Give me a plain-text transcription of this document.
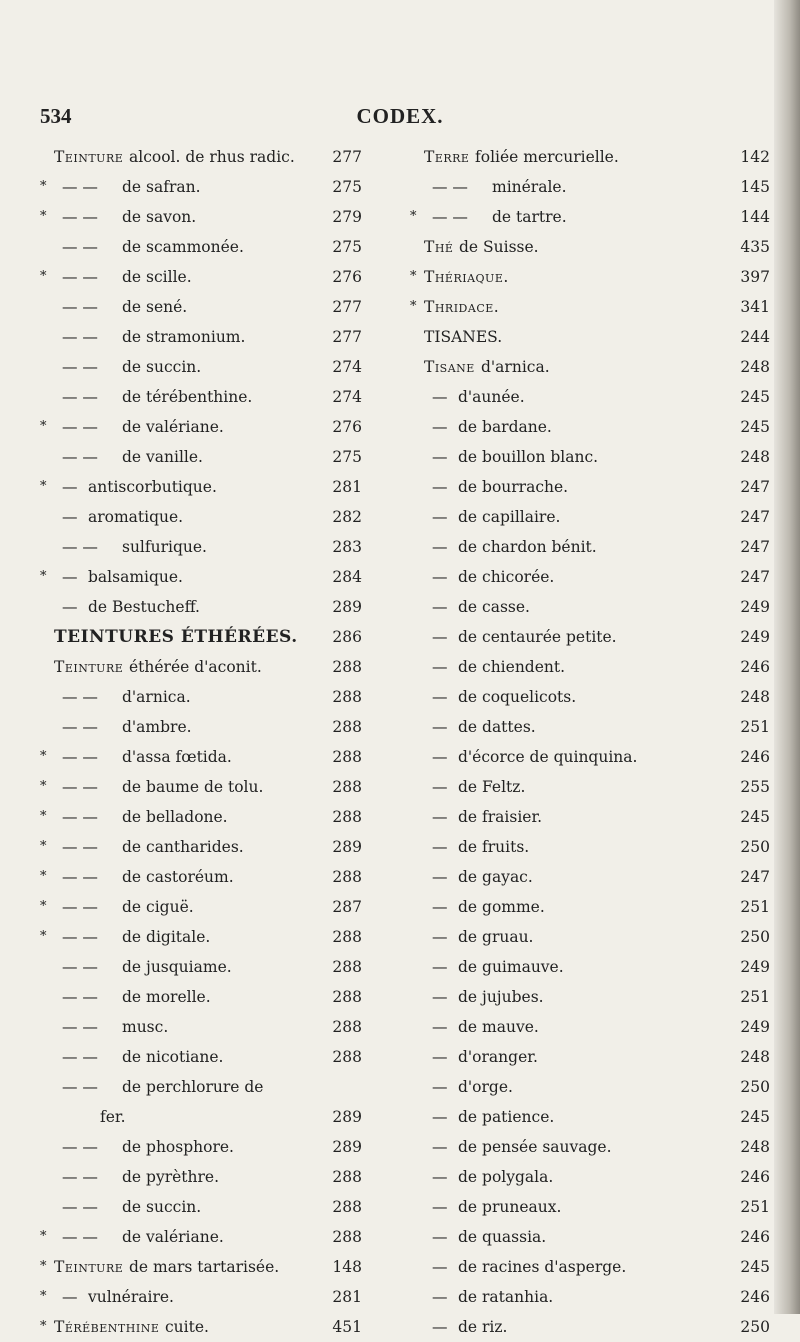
534	CODEX.
Teinture alcool. de rhus radic. 277
*	— — de safran.	275
*	— — de savon.	279
— — de scammonée.	275
*	— — de scille.	276
— — de sené.	277
— — de stramonium.	277
— — de succin.	274
— — de térébenthine.	274
*	— — de valériane.	276
— — de vanille.	275
*	— antiscorbutique.	281
— aromatique.	282
— — sulfurique.	283
*	— balsamique.	284
— de Bestucheff.	289
TEINTURES ÉTHÉRÉES. 286
Teinture éthérée d'aconit.	288
— — d'arnica.	288
— — d'ambre.	288
*	— — d'assa fœtida.	288
*	— — de baume de tolu.	288
*	— — de belladone.	288
*	— — de cantharides.	289
*	— — de castoréum.	288
*	— — de ciguë.	287
*	— — de digitale.	288
— — de jusquiame.	288
— — de morelle.	288
— — musc.	288
— — de nicotiane.	288
— — de perchlorure de
fer.	289
— — de phosphore.	289
— — de pyrèthre.	288
— — de succin.	288
*	— — de valériane.	288
* Teinture de mars tartarisée.	148
*	— vulnéraire.	281
* Térébenthine cuite.	451
Terre foliée mercurielle.	142
— — minérale.	145
*	— — de tartre.	144
Thé de Suisse.	435
* Thériaque.	397
* Thridace.	341
TISANES.	244
Tisane d'arnica.	248
— d'aunée.	245
— de bardane.	245
— de bouillon blanc.	248
— de bourrache.	247
— de capillaire.	247
— de chardon bénit.	247
— de chicorée.	247
— de casse.	249
— de centaurée petite.	249
— de chiendent.	246
— de coquelicots.	248
— de dattes.	251
— d'écorce de quinquina.	246
— de Feltz.	255
— de fraisier.	245
— de fruits.	250
— de gayac.	247
— de gomme.	251
— de gruau.	250
— de guimauve.	249
— de jujubes.	251
— de mauve.	249
— d'oranger.	248
— d'orge.	250
— de patience.	245
— de pensée sauvage.	248
— de polygala.	246
— de pruneaux.	251
— de quassia.	246
— de racines d'asperge.	245
— de ratanhia.	246
— de riz.	250
